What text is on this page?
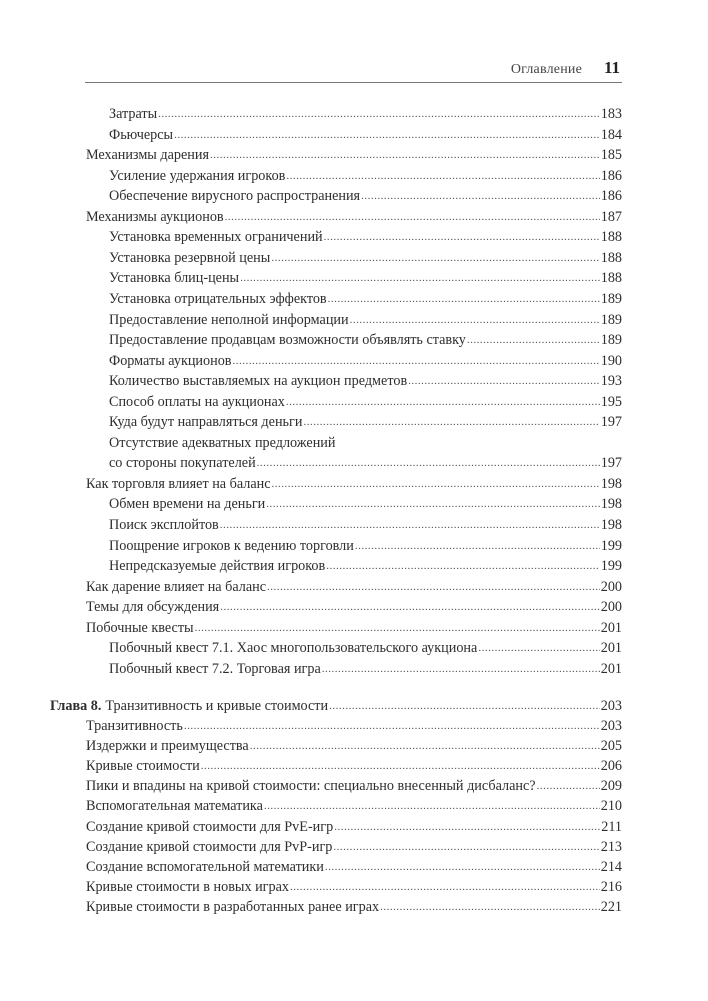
Оглавление 11
Затраты .....	183
Фьючерсы .....	184
Механизмы дарения .....	185
Усиление удержания игроков .....	186
Обеспечение вирусного распространения .....	186
Механизмы аукционов .....	187
Установка временных ограничений .....	188
Установка резервной цены .....	188
Установка блиц-цены .....	188
Установка отрицательных эффектов .....	189
Предоставление неполной информации .....	189
Предоставление продавцам возможности объявлять ставку .....	189
Форматы аукционов .....	190
Количество выставляемых на аукцион предметов .....	193
Способ оплаты на аукционах .....	195
Куда будут направляться деньги .....	197
Отсутствие адекватных предложений
со стороны покупателей .....	197
Как торговля влияет на баланс .....	198
Обмен времени на деньги .....	198
Поиск эксплойтов .....	198
Поощрение игроков к ведению торговли .....	199
Непредсказуемые действия игроков .....	199
Как дарение влияет на баланс .....	200
Темы для обсуждения .....	200
Побочные квесты .....	201
Побочный квест 7.1. Хаос многопользовательского аукциона .....	201
Побочный квест 7.2. Торговая игра .....	201
Глава 8. Транзитивность и кривые стоимости .....	203
Транзитивность .....	203
Издержки и преимущества .....	205
Кривые стоимости .....	206
Пики и впадины на кривой стоимости: специально внесенный дисбаланс? .....	209
Вспомогательная математика .....	210
Создание кривой стоимости для PvE-игр .....	211
Создание кривой стоимости для PvP-игр .....	213
Создание вспомогательной математики .....	214
Кривые стоимости в новых играх .....	216
Кривые стоимости в разработанных ранее играх .....	221
